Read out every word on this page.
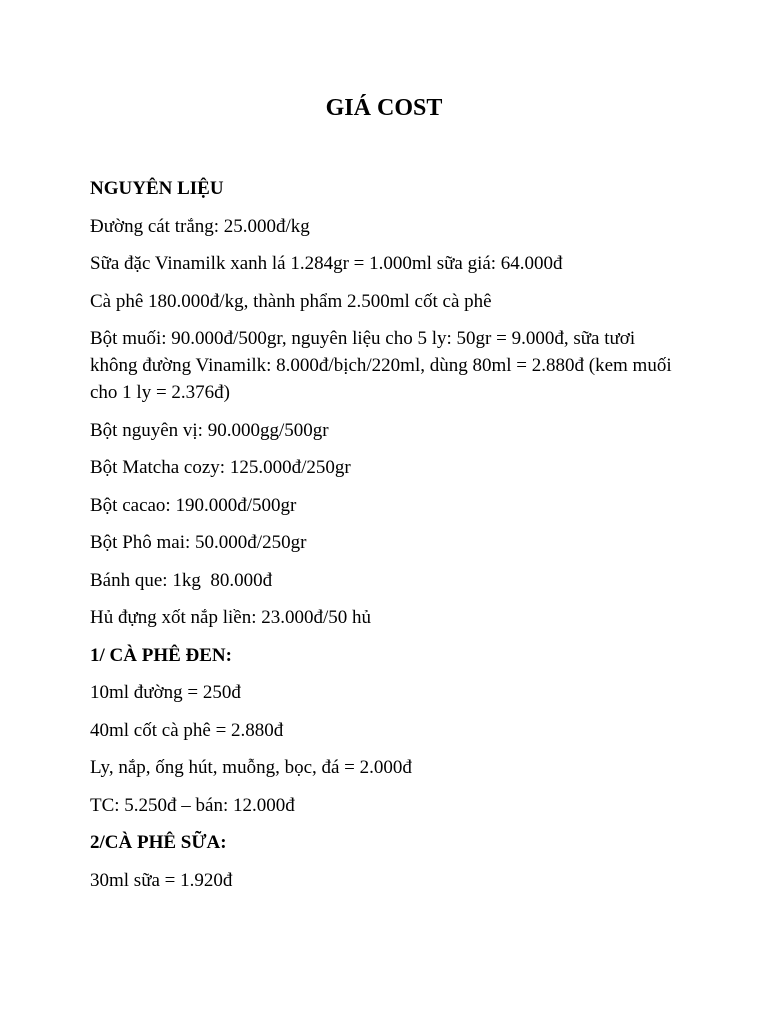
GIÁ COST

NGUYÊN LIỆU

Đường cát trắng: 25.000đ/kg

Sữa đặc Vinamilk xanh lá 1.284gr = 1.000ml sữa giá: 64.000đ

Cà phê 180.000đ/kg, thành phẩm 2.500ml cốt cà phê

Bột muối: 90.000đ/500gr, nguyên liệu cho 5 ly: 50gr = 9.000đ, sữa tươi không đường Vinamilk: 8.000đ/bịch/220ml, dùng 80ml = 2.880đ (kem muối cho 1 ly = 2.376đ)

Bột nguyên vị: 90.000gg/500gr

Bột Matcha cozy: 125.000đ/250gr

Bột cacao: 190.000đ/500gr

Bột Phô mai: 50.000đ/250gr

Bánh que: 1kg  80.000đ

Hủ đựng xốt nắp liền: 23.000đ/50 hủ

1/ CÀ PHÊ ĐEN:

10ml đường = 250đ

40ml cốt cà phê = 2.880đ

Ly, nắp, ống hút, muỗng, bọc, đá = 2.000đ

TC: 5.250đ – bán: 12.000đ

2/CÀ PHÊ SỮA:

30ml sữa = 1.920đ
